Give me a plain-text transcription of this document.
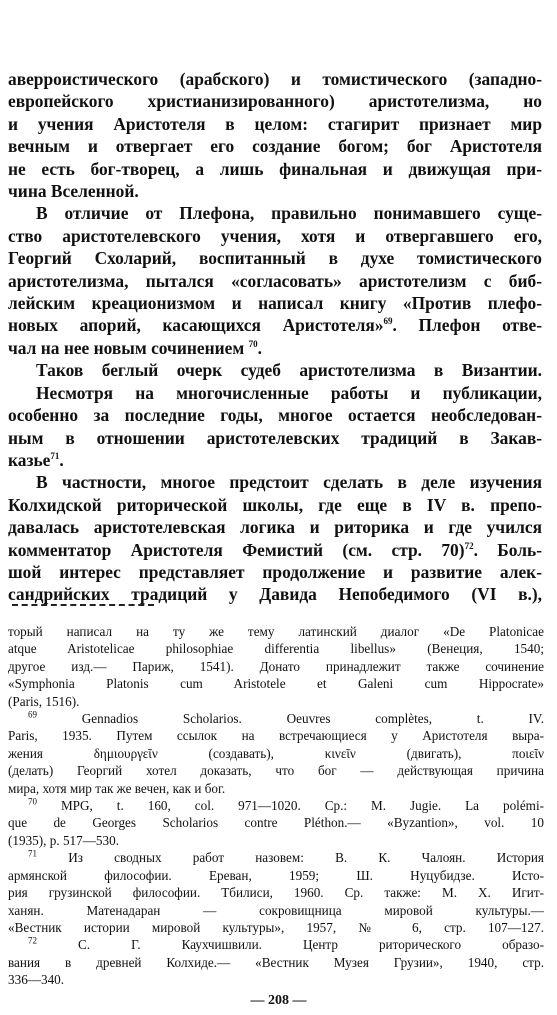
аверроистического (арабского) и томистического (западно-
европейского христианизированного) аристотелизма, но
и учения Аристотеля в целом: стагирит признает мир
вечным и отвергает его создание богом; бог Аристотеля
не есть бог-творец, а лишь финальная и движущая при-
чина Вселенной.

В отличие от Плефона, правильно понимавшего суще-
ство аристотелевского учения, хотя и отвергавшего его,
Георгий Схоларий, воспитанный в духе томистического
аристотелизма, пытался «согласовать» аристотелизм с биб-
лейским креационизмом и написал книгу «Против плефо-
новых апорий, касающихся Аристотеля»$^{69}$. Плефон отве-
чал на нее новым сочинением $^{70}$.

Таков беглый очерк судеб аристотелизма в Византии.

Несмотря на многочисленные работы и публикации,
особенно за последние годы, многое остается необследован-
ным в отношении аристотелевских традиций в Закав-
казье$^{71}$.

В частности, многое предстоит сделать в деле изучения
Колхидской риторической школы, где еще в IV в. препо-
давалась аристотелевская логика и риторика и где учился
комментатор Аристотеля Фемистий (см. стр. 70)$^{72}$. Боль-
шой интерес представляет продолжение и развитие алек-
сандрийских традиций у Давида Непобедимого (VI в.),

торый написал на ту же тему латинский диалог «De Platonicae
atque Aristotelicae philosophiae differentia libellus» (Венеция, 1540;
другое изд.— Париж, 1541). Донато принадлежит также сочинение
«Symphonia Platonis cum Aristotele et Galeni cum Hippocrate»
(Paris, 1516).
$^{69}$ Gennadios Scholarios. Oeuvres complètes, t. IV.
Paris, 1935. Путем ссылок на встречающиеся у Аристотеля выра-
жения	δημιουργεῖν	(создавать),	κινεῖν	(двигать),	ποιεῖν
(делать) Георгий хотел доказать, что бог — действующая причина
мира, хотя мир так же вечен, как и бог.
$^{70}$ MPG, t. 160, col. 971—1020. Ср.: M. Jugie. La polémi-
que de Georges Scholarios contre Pléthon.— «Byzantion», vol. 10
(1935), р. 517—530.
$^{71}$ Из сводных работ назовем: В. К. Чалоян. История
армянской философии. Ереван, 1959; Ш. Нуцубидзе. Исто-
рия грузинской философии. Тбилиси, 1960. Ср. также: М. Х. Игит-
ханян. Матенадаран — сокровищница мировой культуры.—
«Вестник истории мировой культуры», 1957, № 6, стр. 107—127.
$^{72}$ С. Г. Каухчишвили. Центр риторического образо-
вания в древней Колхиде.— «Вестник Музея Грузии», 1940, стр.
336—340.
— 208 —
